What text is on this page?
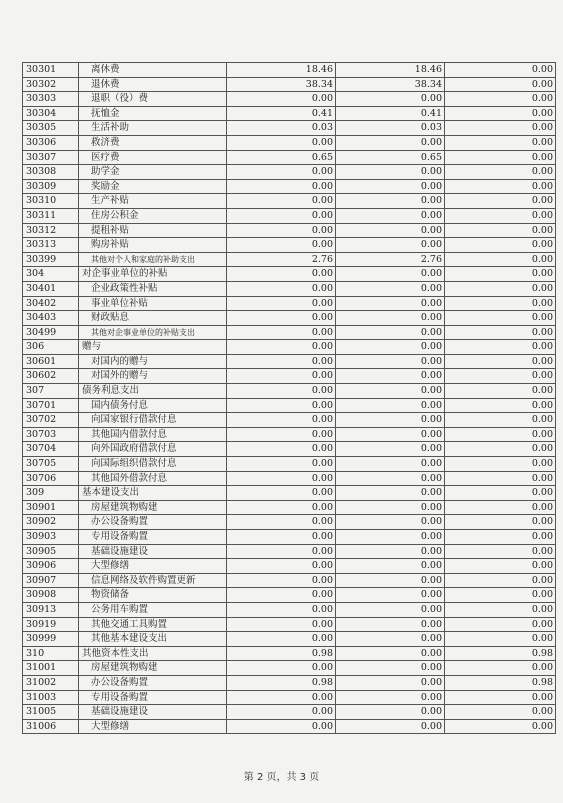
30301	离休费	18.46	18.46	0.00
30302	退休费	38.34	38.34	0.00
30303	退职（役）费	0.00	0.00	0.00
30304	抚恤金	0.41	0.41	0.00
30305	生活补助	0.03	0.03	0.00
30306	救济费	0.00	0.00	0.00
30307	医疗费	0.65	0.65	0.00
30308	助学金	0.00	0.00	0.00
30309	奖励金	0.00	0.00	0.00
30310	生产补贴	0.00	0.00	0.00
30311	住房公积金	0.00	0.00	0.00
30312	提租补贴	0.00	0.00	0.00
30313	购房补贴	0.00	0.00	0.00
30399	其他对个人和家庭的补助支出	2.76	2.76	0.00
304	对企事业单位的补贴	0.00	0.00	0.00
30401	企业政策性补贴	0.00	0.00	0.00
30402	事业单位补贴	0.00	0.00	0.00
30403	财政贴息	0.00	0.00	0.00
30499	其他对企事业单位的补贴支出	0.00	0.00	0.00
306	赠与	0.00	0.00	0.00
30601	对国内的赠与	0.00	0.00	0.00
30602	对国外的赠与	0.00	0.00	0.00
307	债务利息支出	0.00	0.00	0.00
30701	国内债务付息	0.00	0.00	0.00
30702	向国家银行借款付息	0.00	0.00	0.00
30703	其他国内借款付息	0.00	0.00	0.00
30704	向外国政府借款付息	0.00	0.00	0.00
30705	向国际组织借款付息	0.00	0.00	0.00
30706	其他国外借款付息	0.00	0.00	0.00
309	基本建设支出	0.00	0.00	0.00
30901	房屋建筑物购建	0.00	0.00	0.00
30902	办公设备购置	0.00	0.00	0.00
30903	专用设备购置	0.00	0.00	0.00
30905	基础设施建设	0.00	0.00	0.00
30906	大型修缮	0.00	0.00	0.00
30907	信息网络及软件购置更新	0.00	0.00	0.00
30908	物资储备	0.00	0.00	0.00
30913	公务用车购置	0.00	0.00	0.00
30919	其他交通工具购置	0.00	0.00	0.00
30999	其他基本建设支出	0.00	0.00	0.00
310	其他资本性支出	0.98	0.00	0.98
31001	房屋建筑物购建	0.00	0.00	0.00
31002	办公设备购置	0.98	0.00	0.98
31003	专用设备购置	0.00	0.00	0.00
31005	基础设施建设	0.00	0.00	0.00
31006	大型修缮	0.00	0.00	0.00
第 2 页，共 3 页
